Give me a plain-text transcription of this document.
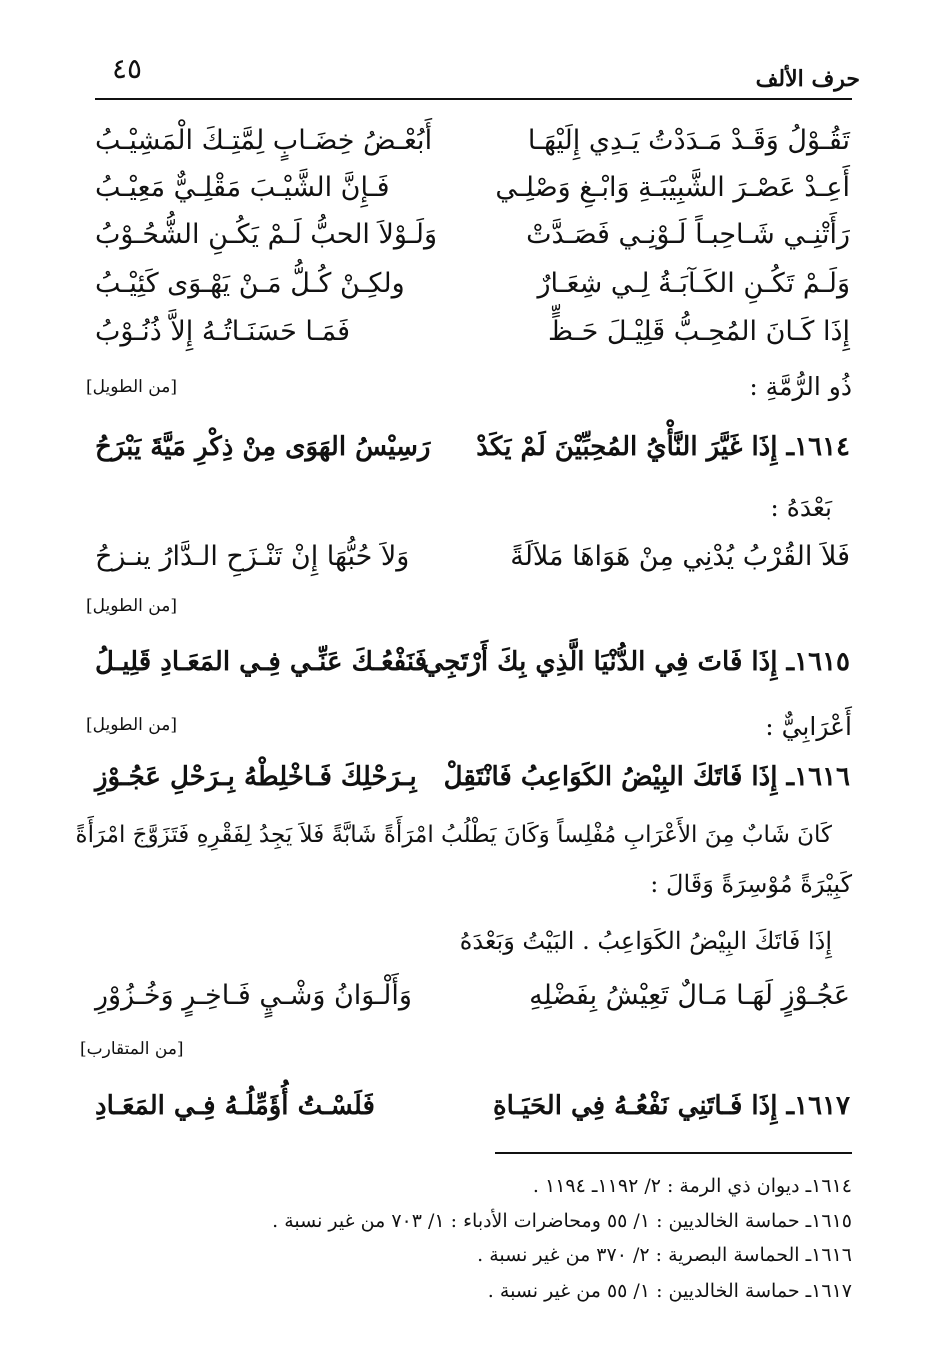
حرف الألف
٤٥
تَقُـوْلُ وَقَـدْ مَـدَدْتُ يَـدِي إِلَيْهَـا
أَبُعْـضُ خِضَـابٍ لِمَّتِـكَ الْمَشِيْـبُ
أَعِـدْ عَصْـرَ الشَّبِيْبَـةِ وَابْـغِ وَصْلِـي
فَـإِنَّ الشَّيْـبَ مَقْلِـيٌّ مَعِيْـبُ
رَأَتْنِـي شَـاحِبـاً لَـوْنِـي فَصَـدَّتْ
وَلَـوْلاَ الحبُّ لَـمْ يَكُـنِ الشُّحُـوْبُ
وَلَـمْ تَكُـنِ الكَـآبَـةُ لِـي شِعَـارٌ
ولكِـنْ كُـلُّ مَـنْ يَهْـوَى كَئِيْـبُ
إِذَا كَـانَ المُحِـبُّ قَلِيْـلَ حَـظٍّ
فَمَـا حَسَنَـاتُـهُ إِلاَّ ذُنُـوْبُ
[من الطويل]	ذُو الرُّمَّةِ :
١٦١٤ـ إِذَا غَيَّرَ النَّأْيُ المُحِبِّيْنَ لَمْ يَكَدْ
رَسِيْسُ الهَوَى مِنْ ذِكْرِ مَيَّةَ يَبْرَحُ
بَعْدَهُ :
فَلاَ القُرْبُ يُدْنِي مِنْ هَوَاهَا مَلاَلَةً
وَلاَ حُبُّهَا إِنْ تَنْـزَحِ الـدَّارُ ينـزحُ
[من الطويل]
١٦١٥ـ إِذَا فَاتَ فِي الدُّنْيَا الَّذِي بِكَ أَرْتَجِي
فَنَفْعُـكَ عَنِّـي فِـي المَعَـادِ قَلِيـلُ
[من الطويل]	أَعْرَابِيٌّ :
١٦١٦ـ إِذَا فَاتَكَ البِيْضُ الكَوَاعِبُ فَانْتَقِلْ
بِـرَحْلِكَ فَـاخْلِطْهُ بِـرَحْلِ عَجُـوْزِ
كَانَ شَابٌ مِنَ الأَعْرَابِ مُفْلِساً وَكَانَ يَطْلُبُ امْرَأَةً شَابَّةً فَلاَ يَجِدُ لِفَقْرِهِ فَتَزَوَّجَ امْرَأَةً
كَبِيْرَةً مُوْسِرَةً وَقَالَ :
إِذَا فَاتَكَ البِيْضُ الكَوَاعِبُ . البَيْتُ وَبَعْدَهُ
عَجُـوْزٍ لَهَـا مَـالٌ تَعِيْشُ بِفَضْلِهِ
وَأَلْـوَانُ وَشْـيٍ فَـاخِـرٍ وَخُـزُوْرِ
[من المتقارب]
١٦١٧ـ إِذَا فَـاتَنِي نَفْعُـهُ فِي الحَيَـاةِ
فَلَسْـتُ أُؤَمِّلُـهُ فِـي المَعَـادِ
١٦١٤ـ ديوان ذي الرمة : ٢/ ١١٩٢ـ ١١٩٤ .
١٦١٥ـ حماسة الخالديين : ١/ ٥٥ ومحاضرات الأدباء : ١/ ٧٠٣ من غير نسبة .
١٦١٦ـ الحماسة البصرية : ٢/ ٣٧٠ من غير نسبة .
١٦١٧ـ حماسة الخالديين : ١/ ٥٥ من غير نسبة .
